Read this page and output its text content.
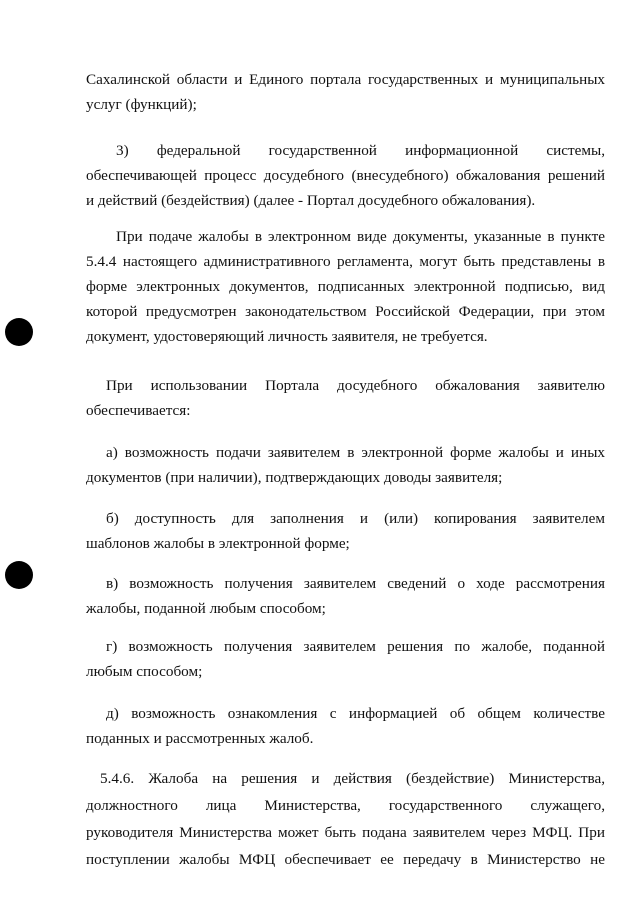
Сахалинской области и Единого портала государственных и муниципальных
услуг (функций);

3) федеральной государственной информационной системы,
обеспечивающей процесс досудебного (внесудебного) обжалования решений
и действий (бездействия) (далее - Портал досудебного обжалования).

При подаче жалобы в электронном виде документы, указанные в пункте
5.4.4 настоящего административного регламента, могут быть представлены в
форме электронных документов, подписанных электронной подписью, вид
которой предусмотрен законодательством Российской Федерации, при этом
документ, удостоверяющий личность заявителя, не требуется.

При использовании Портала досудебного обжалования заявителю
обеспечивается:

а) возможность подачи заявителем в электронной форме жалобы и иных
документов (при наличии), подтверждающих доводы заявителя;

б) доступность для заполнения и (или) копирования заявителем
шаблонов жалобы в электронной форме;

в) возможность получения заявителем сведений о ходе рассмотрения
жалобы, поданной любым способом;

г) возможность получения заявителем решения по жалобе, поданной
любым способом;

д) возможность ознакомления с информацией об общем количестве
поданных и рассмотренных жалоб.

5.4.6. Жалоба на решения и действия (бездействие) Министерства,
должностного лица Министерства, государственного служащего,
руководителя Министерства может быть подана заявителем через МФЦ. При
поступлении жалобы МФЦ обеспечивает ее передачу в Министерство не
